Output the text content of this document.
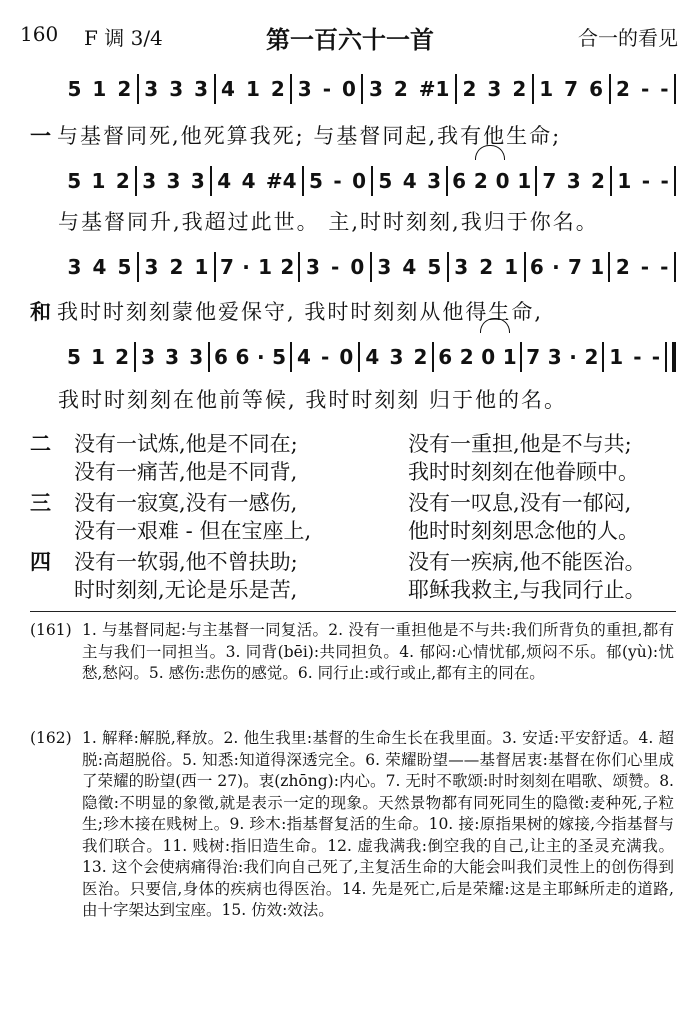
160 F 调 3/4	第一百六十一首	合一的看见
5 1 2 3 3 3 4 1 2 3 - 0 3 2 #1 2 3 2 1 7 6 2 - -
5 1 2 3 3 3 4 4 #4 5 - 0 5 4 3 6 2 0 1 7 3 2 1 - -
3 4 5 3 2 1 7 · 1 2 3 - 0 3 4 5 3 2 1 6 · 7 1 2 - -
5 1 2 3 3 3 6 6 · 5 4 - 0 4 3 2 6 2 0 1 7 3 · 2 1 - -
一 与基督同死,他死算我死; 与基督同起,我有他生命;
与基督同升,我超过此世。 主,时时刻刻,我归于你名。
和 我时时刻刻蒙他爱保守, 我时时刻刻从他得生命,
我时时刻刻在他前等候, 我时时刻刻 归于他的名。
二 没有一试炼,他是不同在;	没有一重担,他是不与共;
没有一痛苦,他是不同背,	我时时刻刻在他眷顾中。
三 没有一寂寞,没有一感伤,	没有一叹息,没有一郁闷,
没有一艰难 - 但在宝座上,	他时时刻刻思念他的人。
四 没有一软弱,他不曾扶助;	没有一疾病,他不能医治。
时时刻刻,无论是乐是苦,	耶稣我救主,与我同行止。
(161) 1. 与基督同起:与主基督一同复活。2. 没有一重担他是不与共:我们所背负的重担,都有主与我们一同担当。3. 同背(bēi):共同担负。4. 郁闷:心情忧郁,烦闷不乐。郁(yù):忧愁,愁闷。5. 感伤:悲伤的感觉。6. 同行止:或行或止,都有主的同在。
(162) 1. 解释:解脱,释放。2. 他生我里:基督的生命生长在我里面。3. 安适:平安舒适。4. 超脱:高超脱俗。5. 知悉:知道得深透完全。6. 荣耀盼望——基督居衷:基督在你们心里成了荣耀的盼望(西一 27)。衷(zhōng):内心。7. 无时不歌颂:时时刻刻在唱歌、颂赞。8. 隐徵:不明显的象徵,就是表示一定的现象。天然景物都有同死同生的隐徵:麦种死,子粒生;珍木接在贱树上。9. 珍木:指基督复活的生命。10. 接:原指果树的嫁接,今指基督与我们联合。11. 贱树:指旧造生命。12. 虚我满我:倒空我的自己,让主的圣灵充满我。13. 这个会使病痛得治:我们向自己死了,主复活生命的大能会叫我们灵性上的创伤得到医治。只要信,身体的疾病也得医治。14. 先是死亡,后是荣耀:这是主耶稣所走的道路,由十字架达到宝座。15. 仿效:效法。
